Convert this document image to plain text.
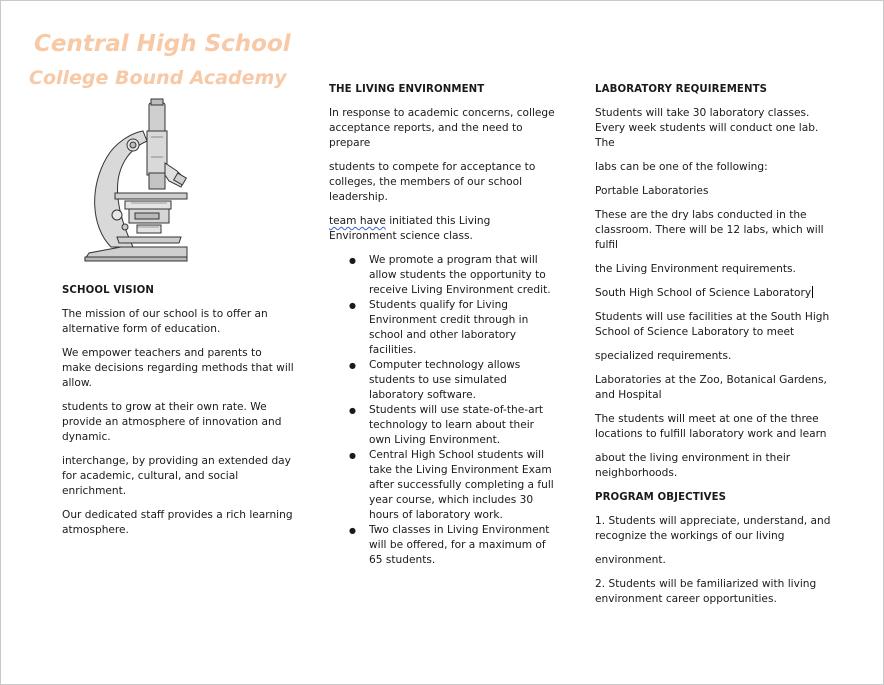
Central High School
College Bound Academy
SCHOOL VISION

The mission of our school is to offer an alternative form of education.

We empower teachers and parents to make decisions regarding methods that will allow.

students to grow at their own rate. We provide an atmosphere of innovation and dynamic.

interchange, by providing an extended day for academic, cultural, and social enrichment.

Our dedicated staff provides a rich learning atmosphere.

THE LIVING ENVIRONMENT

In response to academic concerns, college acceptance reports, and the need to prepare

students to compete for acceptance to colleges, the members of our school leadership.

team have initiated this Living Environment science class.

● We promote a program that will allow students the opportunity to receive Living Environment credit.
● Students qualify for Living Environment credit through in school and other laboratory facilities.
● Computer technology allows students to use simulated laboratory software.
● Students will use state-of-the-art technology to learn about their own Living Environment.
● Central High School students will take the Living Environment Exam after successfully completing a full year course, which includes 30 hours of laboratory work.
● Two classes in Living Environment will be offered, for a maximum of 65 students.
LABORATORY REQUIREMENTS

Students will take 30 laboratory classes. Every week students will conduct one lab. The

labs can be one of the following:

Portable Laboratories

These are the dry labs conducted in the classroom. There will be 12 labs, which will fulfil

the Living Environment requirements.

South High School of Science Laboratory

Students will use facilities at the South High School of Science Laboratory to meet

specialized requirements.

Laboratories at the Zoo, Botanical Gardens, and Hospital

The students will meet at one of the three locations to fulfill laboratory work and learn

about the living environment in their neighborhoods.

PROGRAM OBJECTIVES

1. Students will appreciate, understand, and recognize the workings of our living

environment.

2. Students will be familiarized with living environment career opportunities.
